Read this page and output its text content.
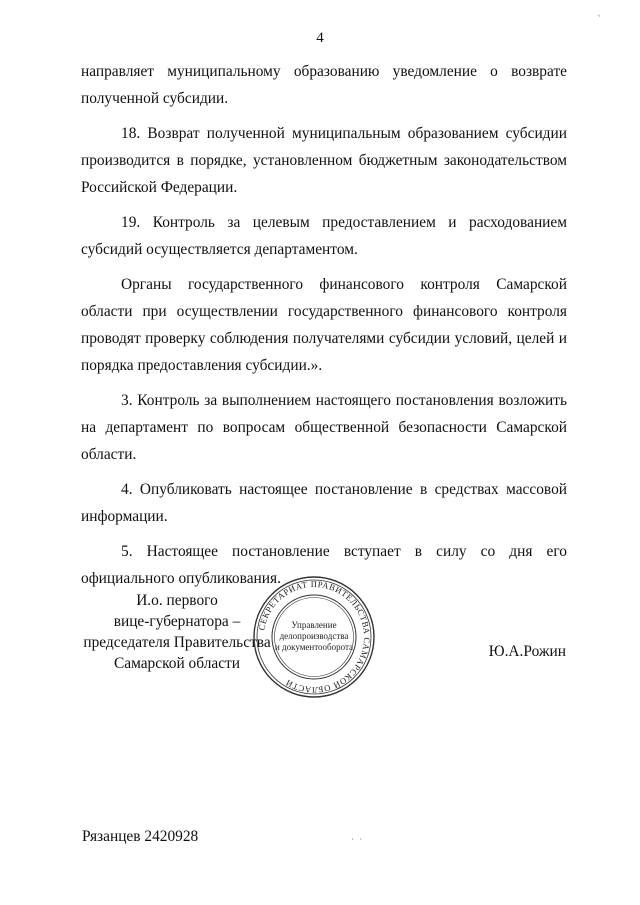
4

направляет муниципальному образованию уведомление о возврате полученной субсидии.

18. Возврат полученной муниципальным образованием субсидии производится в порядке, установленном бюджетным законодательством Российской Федерации.

19. Контроль за целевым предоставлением и расходованием субсидий осуществляется департаментом.

Органы государственного финансового контроля Самарской области при осуществлении государственного финансового контроля проводят проверку соблюдения получателями субсидии условий, целей и порядка предоставления субсидии.».

3. Контроль за выполнением настоящего постановления возложить на департамент по вопросам общественной безопасности Самарской области.

4. Опубликовать настоящее постановление в средствах массовой информации.

5. Настоящее постановление вступает в силу со дня его официального опубликования.

И.о. первого
вице-губернатора –
председателя Правительства
Самарской области
СЕКРЕТАРИАТ ПРАВИТЕЛЬСТВА САМАРСКОЙ ОБЛАСТИ
Управление
делопроизводства
и документооборота	Ю.А.Рожин
Рязанцев 2420928	˙ ˙
ˎ
